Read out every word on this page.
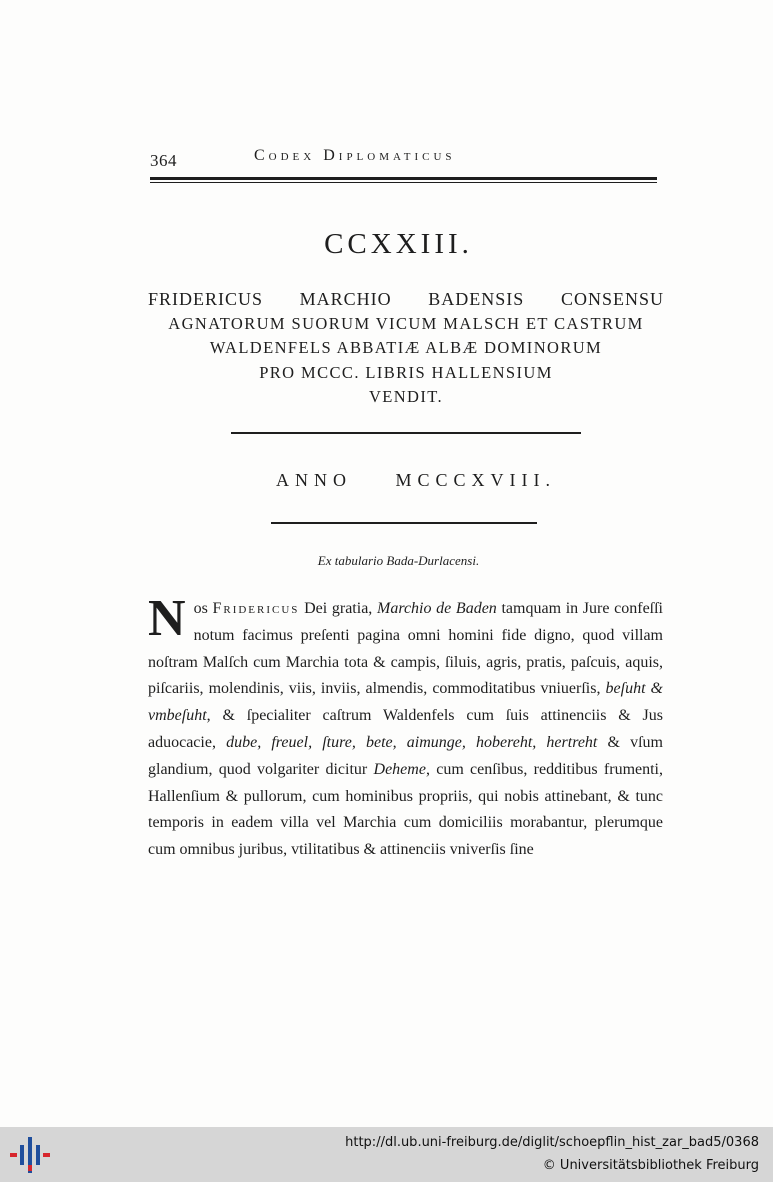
364	Codex Diplomaticus
CCXXIII.
FRIDERICUS MARCHIO BADENSIS CONSENSU
AGNATORUM SUORUM VICUM MALSCH ET CASTRUM
WALDENFELS ABBATIÆ ALBÆ DOMINORUM
PRO MCCC. LIBRIS HALLENSIUM
VENDIT.
ANNO MCCCXVIII.
Ex tabulario Bada-Durlacensi.
Nos Fridericus Dei gratia, Marchio de Baden tamquam in Jure confeſſi notum facimus preſenti pagina omni homini fide digno, quod villam noſtram Malſch cum Marchia tota & campis, ſiluis, agris, pratis, paſcuis, aquis, piſcariis, molendinis, viis, inviis, almendis, commoditatibus vniuerſis, beſuht & vmbeſuht, & ſpecialiter caſtrum Waldenfels cum ſuis attinenciis & Jus aduocacie, dube, freuel, ſture, bete, aimunge, hobereht, hertreht & vſum glandium, quod volgariter dicitur Deheme, cum cenſibus, redditibus frumenti, Hallenſium & pullorum, cum hominibus propriis, qui nobis attinebant, & tunc temporis in eadem villa vel Marchia cum domiciliis morabantur, plerumque cum omnibus juribus, vtilitatibus & attinenciis vniverſis ſine
http://dl.ub.uni-freiburg.de/diglit/schoepflin_hist_zar_bad5/0368
© Universitätsbibliothek Freiburg
